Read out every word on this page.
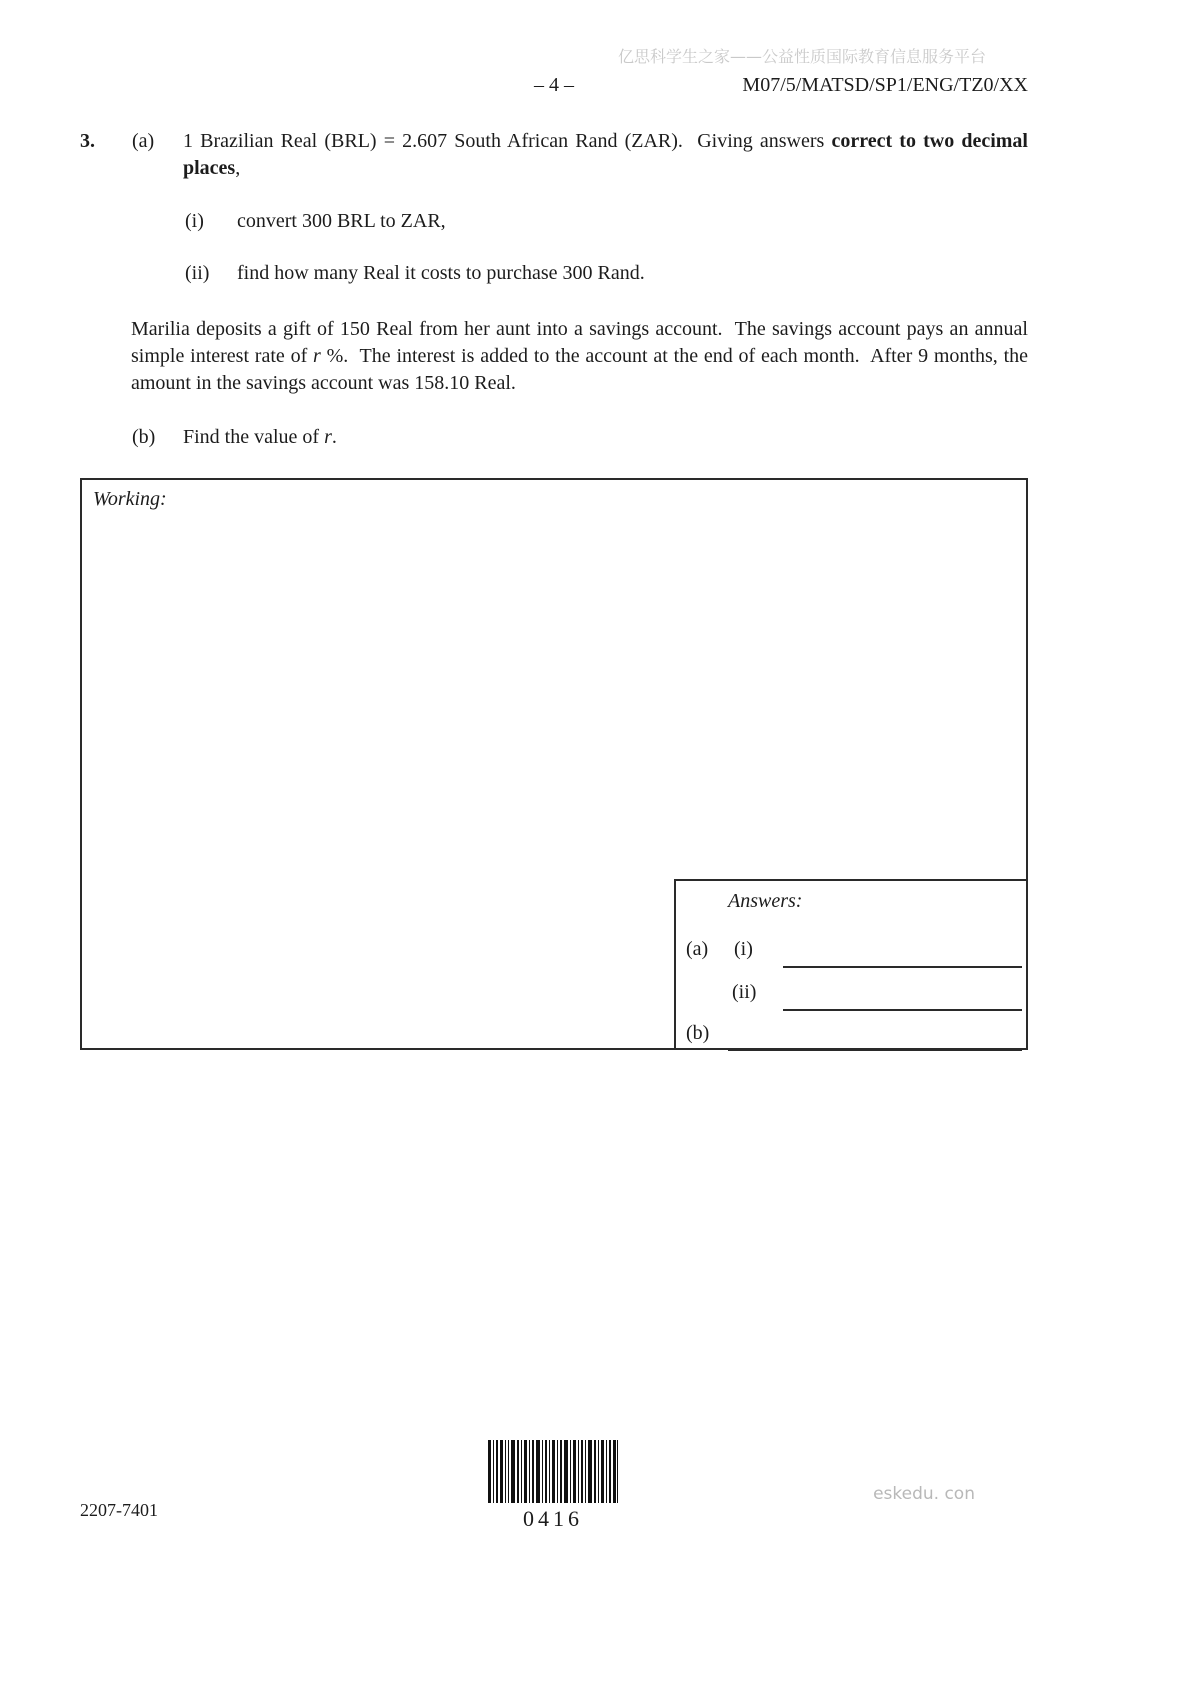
亿思科学生之家——公益性质国际教育信息服务平台
– 4 –	M07/5/MATSD/SP1/ENG/TZ0/XX
3. (a) 1 Brazilian Real (BRL) = 2.607 South African Rand (ZAR).  Giving answers correct to two decimal places,
(i) convert 300 BRL to ZAR,
(ii) find how many Real it costs to purchase 300 Rand.
Marilia deposits a gift of 150 Real from her aunt into a savings account.  The savings account pays an annual simple interest rate of r %.  The interest is added to the account at the end of each month.  After 9 months, the amount in the savings account was 158.10 Real.
(b) Find the value of r.
Working:
Answers:
(a) (i)
(ii)
(b)
2207-7401	0416
eskedu. con
